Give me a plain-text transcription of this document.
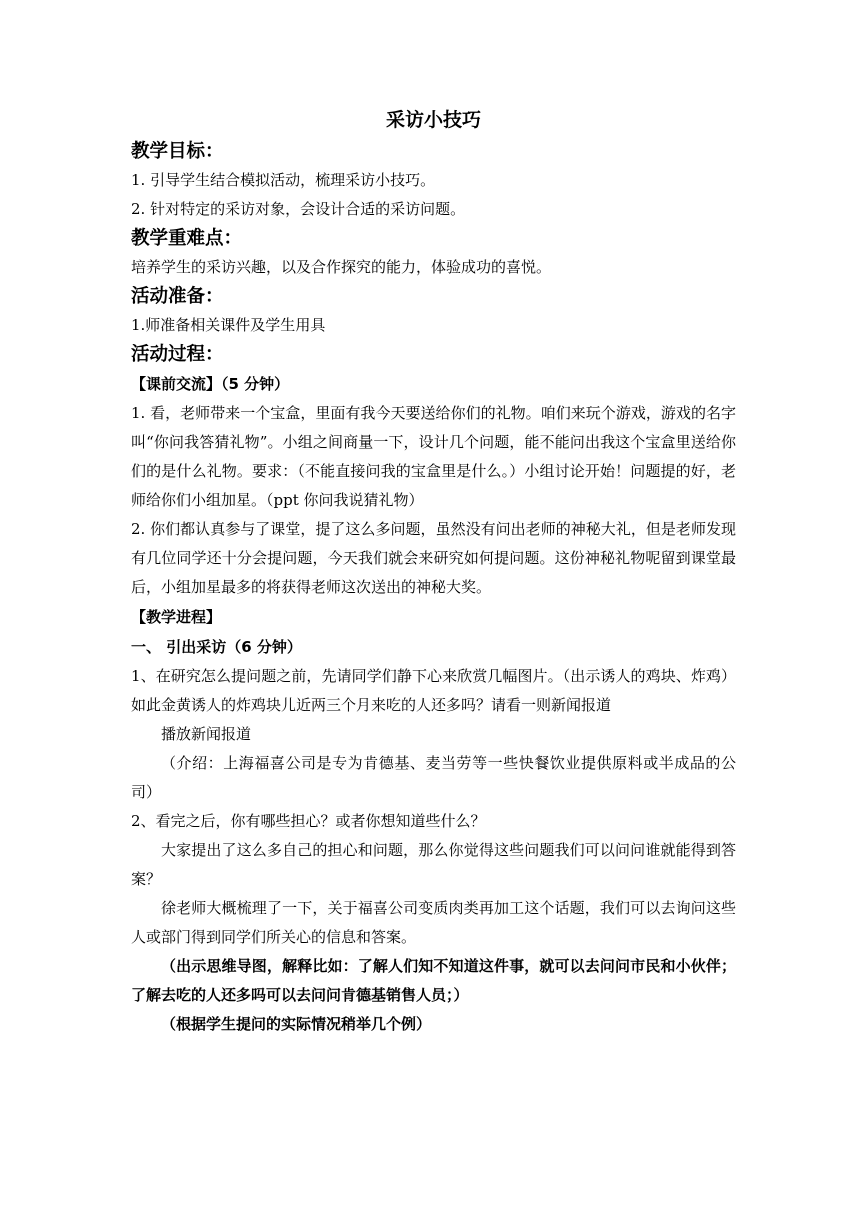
采访小技巧
教学目标：

1. 引导学生结合模拟活动，梳理采访小技巧。

2. 针对特定的采访对象，会设计合适的采访问题。

教学重难点：

培养学生的采访兴趣，以及合作探究的能力，体验成功的喜悦。

活动准备：

1.师准备相关课件及学生用具

活动过程：
【课前交流】（5 分钟）

1. 看，老师带来一个宝盒，里面有我今天要送给你们的礼物。咱们来玩个游戏，游戏的名字叫“你问我答猜礼物”。小组之间商量一下，设计几个问题，能不能问出我这个宝盒里送给你们的是什么礼物。要求：（不能直接问我的宝盒里是什么。）小组讨论开始！问题提的好，老师给你们小组加星。（ppt 你问我说猜礼物）

2. 你们都认真参与了课堂，提了这么多问题，虽然没有问出老师的神秘大礼，但是老师发现有几位同学还十分会提问题，今天我们就会来研究如何提问题。这份神秘礼物呢留到课堂最后，小组加星最多的将获得老师这次送出的神秘大奖。

【教学进程】
一、 引出采访（6 分钟）

1、在研究怎么提问题之前，先请同学们静下心来欣赏几幅图片。（出示诱人的鸡块、炸鸡）如此金黄诱人的炸鸡块儿近两三个月来吃的人还多吗？请看一则新闻报道

播放新闻报道

（介绍：上海福喜公司是专为肯德基、麦当劳等一些快餐饮业提供原料或半成品的公司）

2、看完之后，你有哪些担心？或者你想知道些什么？

大家提出了这么多自己的担心和问题，那么你觉得这些问题我们可以问问谁就能得到答案？

徐老师大概梳理了一下，关于福喜公司变质肉类再加工这个话题，我们可以去询问这些人或部门得到同学们所关心的信息和答案。

（出示思维导图，解释比如：了解人们知不知道这件事，就可以去问问市民和小伙伴；了解去吃的人还多吗可以去问问肯德基销售人员；）

（根据学生提问的实际情况稍举几个例）
